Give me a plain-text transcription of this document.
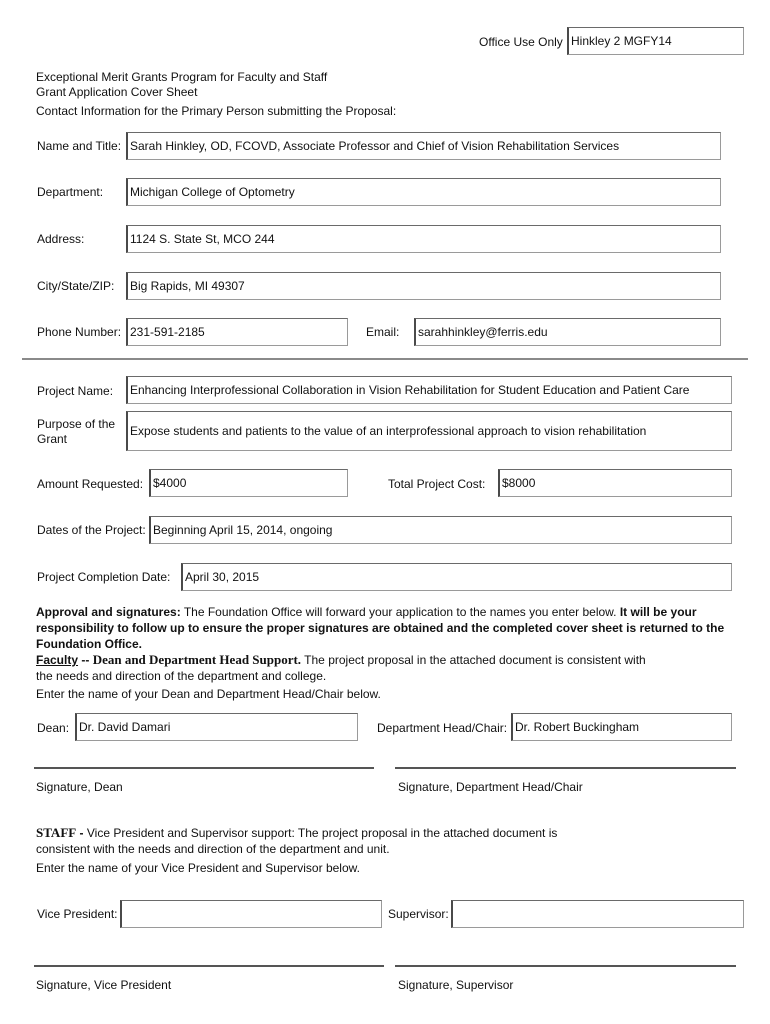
Office Use Only Hinkley 2 MGFY14
Exceptional Merit Grants Program for Faculty and Staff
Grant Application Cover Sheet
Contact Information for the Primary Person submitting the Proposal:
Name and Title: Sarah Hinkley, OD, FCOVD, Associate Professor and Chief of Vision Rehabilitation Services
Department:	Michigan College of Optometry
Address:	1124 S. State St, MCO 244
City/State/ZIP:	Big Rapids, MI 49307
Phone Number: 231-591-2185	Email:	sarahhinkley@ferris.edu
Project Name:	Enhancing Interprofessional Collaboration in Vision Rehabilitation for Student Education and Patient Care
Purpose of the
Grant
Expose students and patients to the value of an interprofessional approach to vision rehabilitation
Amount Requested: $4000	Total Project Cost:	$8000
Dates of the Project: Beginning April 15, 2014, ongoing
Project Completion Date:	April 30, 2015
Approval and signatures: The Foundation Office will forward your application to the names you enter below. It will be your
responsibility to follow up to ensure the proper signatures are obtained and the completed cover sheet is returned to the
Foundation Office.
Faculty -- Dean and Department Head Support. The project proposal in the attached document is consistent with
the needs and direction of the department and college.
Enter the name of your Dean and Department Head/Chair below.
Dean: Dr. David Damari	Department Head/Chair: Dr. Robert Buckingham
Signature, Dean	Signature, Department Head/Chair
STAFF - Vice President and Supervisor support: The project proposal in the attached document is
consistent with the needs and direction of the department and unit.
Enter the name of your Vice President and Supervisor below.
Vice President:	Supervisor:
Signature, Vice President	Signature, Supervisor
